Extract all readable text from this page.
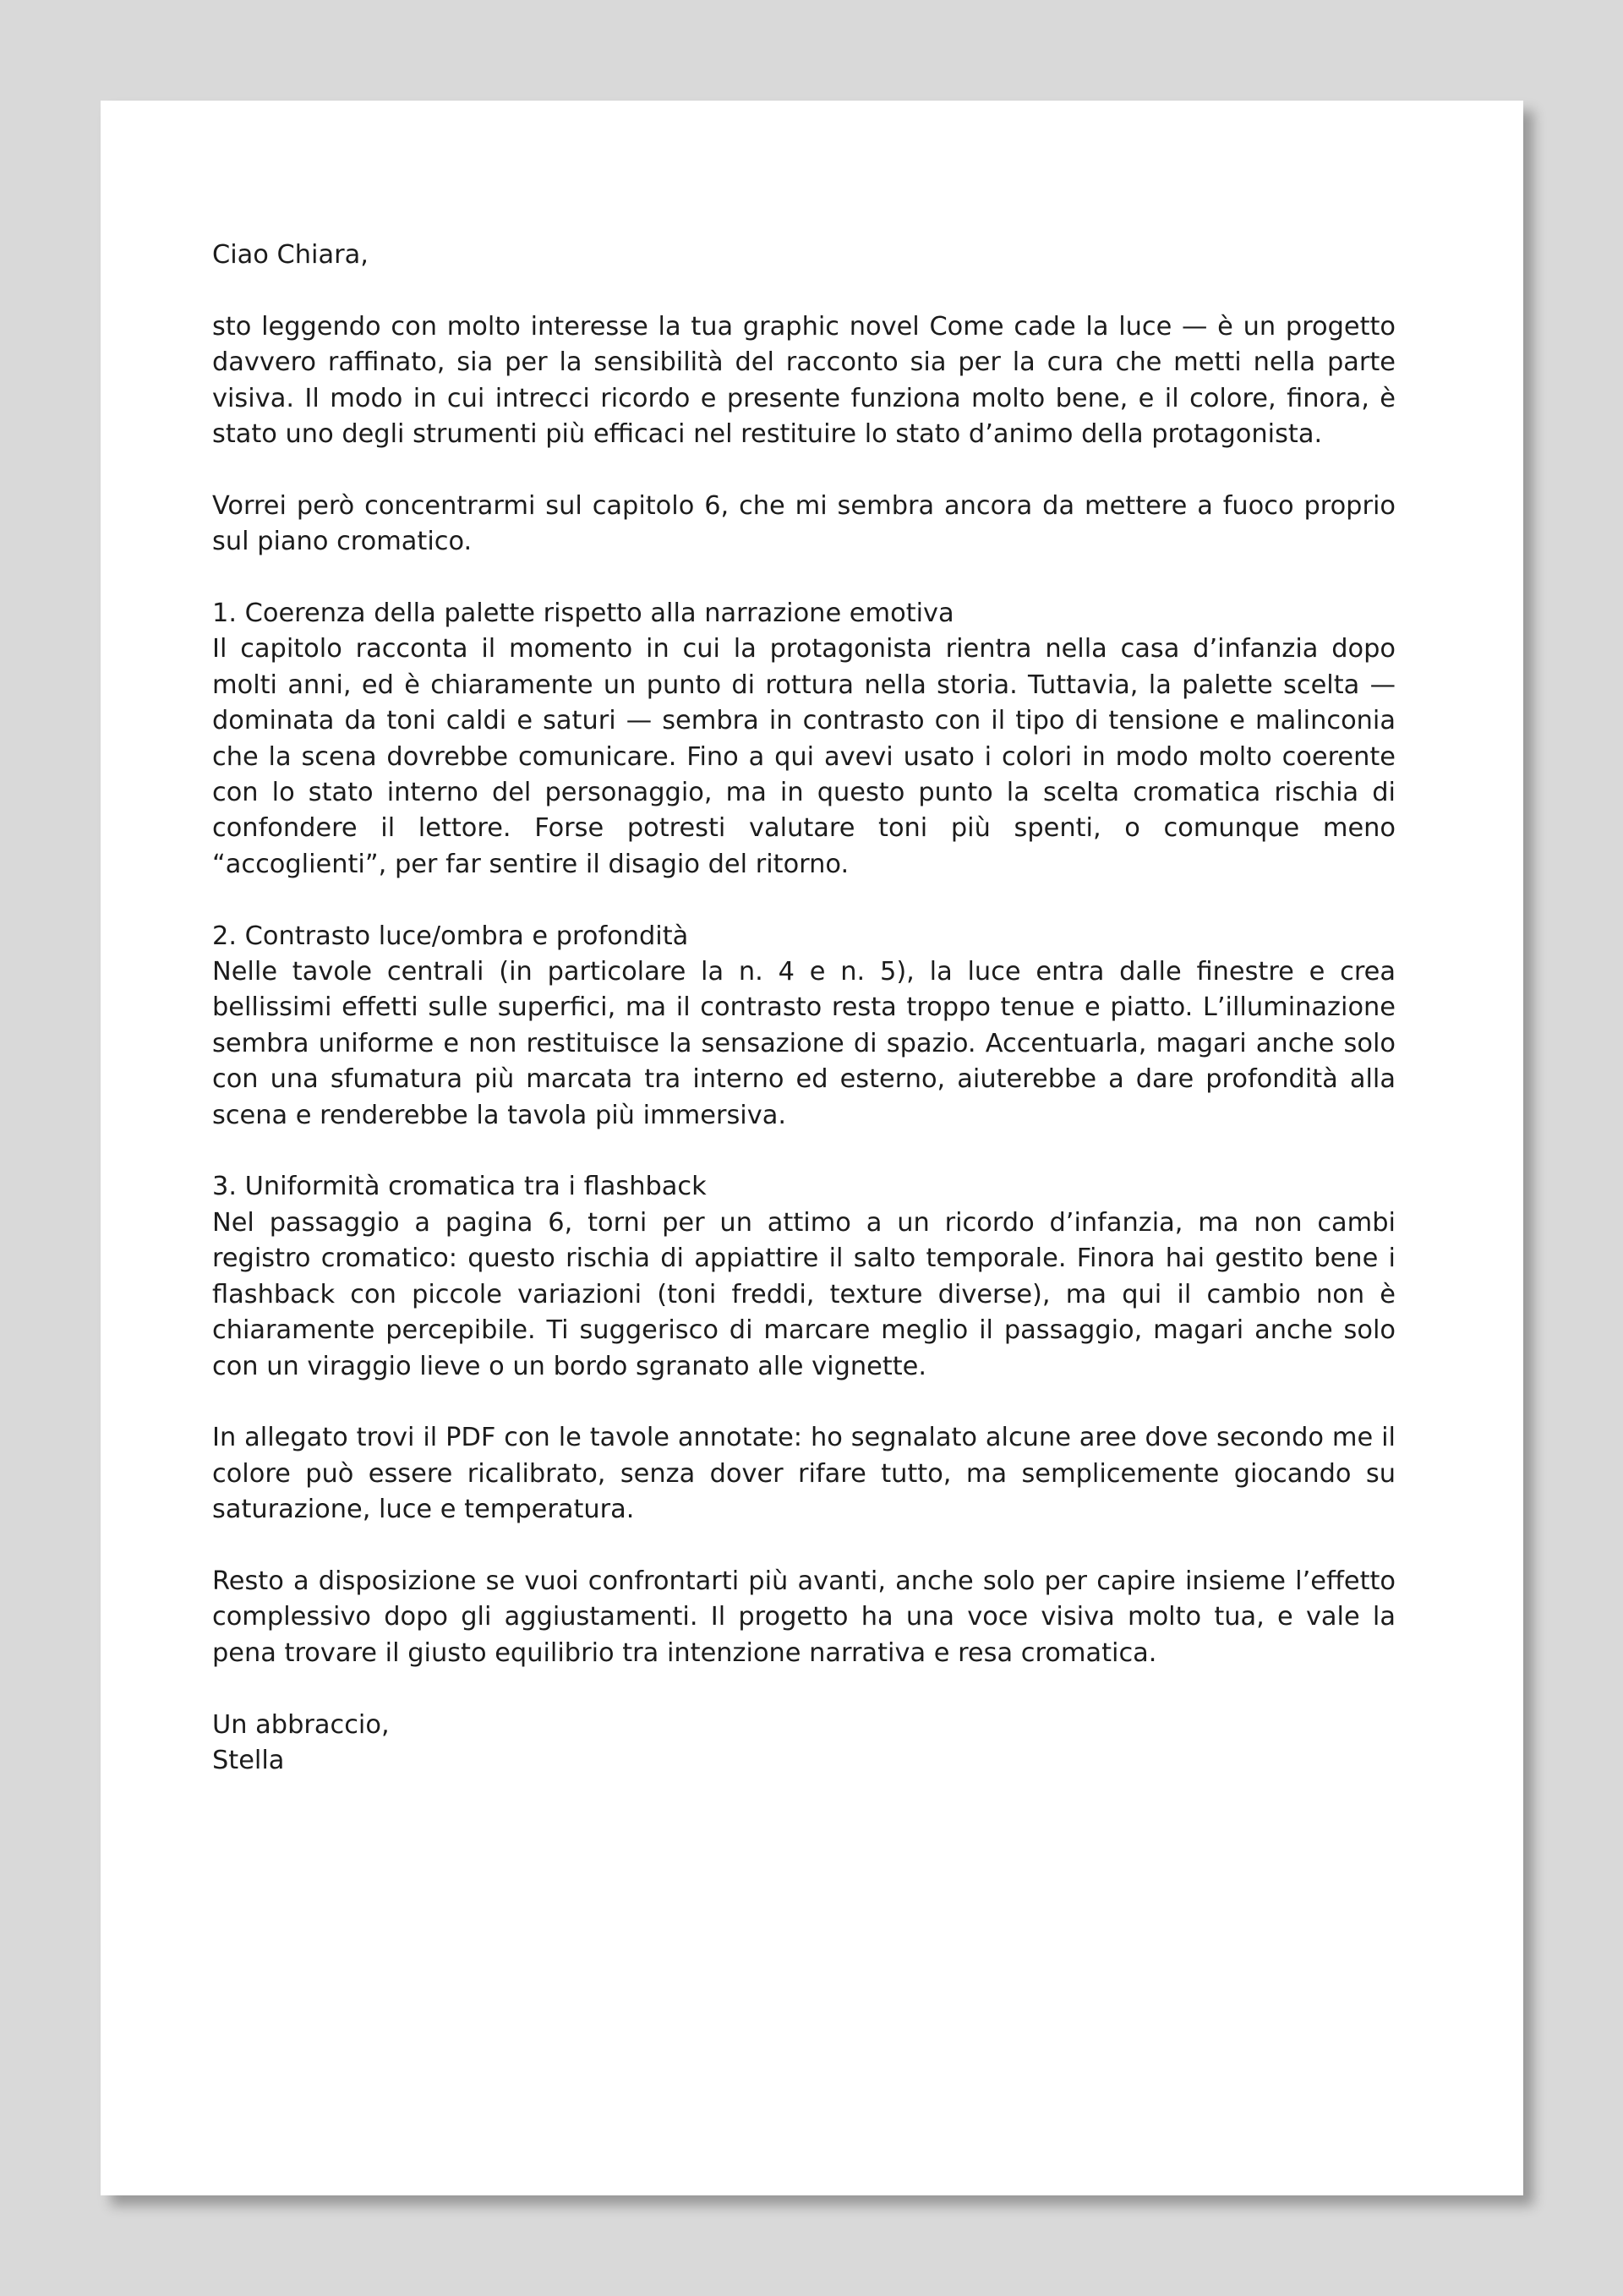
Ciao Chiara,

sto leggendo con molto interesse la tua graphic novel Come cade la luce — è un progetto davvero raffinato, sia per la sensibilità del racconto sia per la cura che metti nella parte visiva. Il modo in cui intrecci ricordo e presente funziona molto bene, e il colore, finora, è stato uno degli strumenti più efficaci nel restituire lo stato d’animo della protagonista.

Vorrei però concentrarmi sul capitolo 6, che mi sembra ancora da mettere a fuoco proprio sul piano cromatico.

1. Coerenza della palette rispetto alla narrazione emotiva
Il capitolo racconta il momento in cui la protagonista rientra nella casa d’infanzia dopo molti anni, ed è chiaramente un punto di rottura nella storia. Tuttavia, la palette scelta — dominata da toni caldi e saturi — sembra in contrasto con il tipo di tensione e malinconia che la scena dovrebbe comunicare. Fino a qui avevi usato i colori in modo molto coerente con lo stato interno del personaggio, ma in questo punto la scelta cromatica rischia di confondere il lettore. Forse potresti valutare toni più spenti, o comunque meno “accoglienti”, per far sentire il disagio del ritorno.

2. Contrasto luce/ombra e profondità
Nelle tavole centrali (in particolare la n. 4 e n. 5), la luce entra dalle finestre e crea bellissimi effetti sulle superfici, ma il contrasto resta troppo tenue e piatto. L’illuminazione sembra uniforme e non restituisce la sensazione di spazio. Accentuarla, magari anche solo con una sfumatura più marcata tra interno ed esterno, aiuterebbe a dare profondità alla scena e renderebbe la tavola più immersiva.

3. Uniformità cromatica tra i flashback
Nel passaggio a pagina 6, torni per un attimo a un ricordo d’infanzia, ma non cambi registro cromatico: questo rischia di appiattire il salto temporale. Finora hai gestito bene i flashback con piccole variazioni (toni freddi, texture diverse), ma qui il cambio non è chiaramente percepibile. Ti suggerisco di marcare meglio il passaggio, magari anche solo con un viraggio lieve o un bordo sgranato alle vignette.

In allegato trovi il PDF con le tavole annotate: ho segnalato alcune aree dove secondo me il colore può essere ricalibrato, senza dover rifare tutto, ma semplicemente giocando su saturazione, luce e temperatura.

Resto a disposizione se vuoi confrontarti più avanti, anche solo per capire insieme l’effetto complessivo dopo gli aggiustamenti. Il progetto ha una voce visiva molto tua, e vale la pena trovare il giusto equilibrio tra intenzione narrativa e resa cromatica.

Un abbraccio,
Stella
